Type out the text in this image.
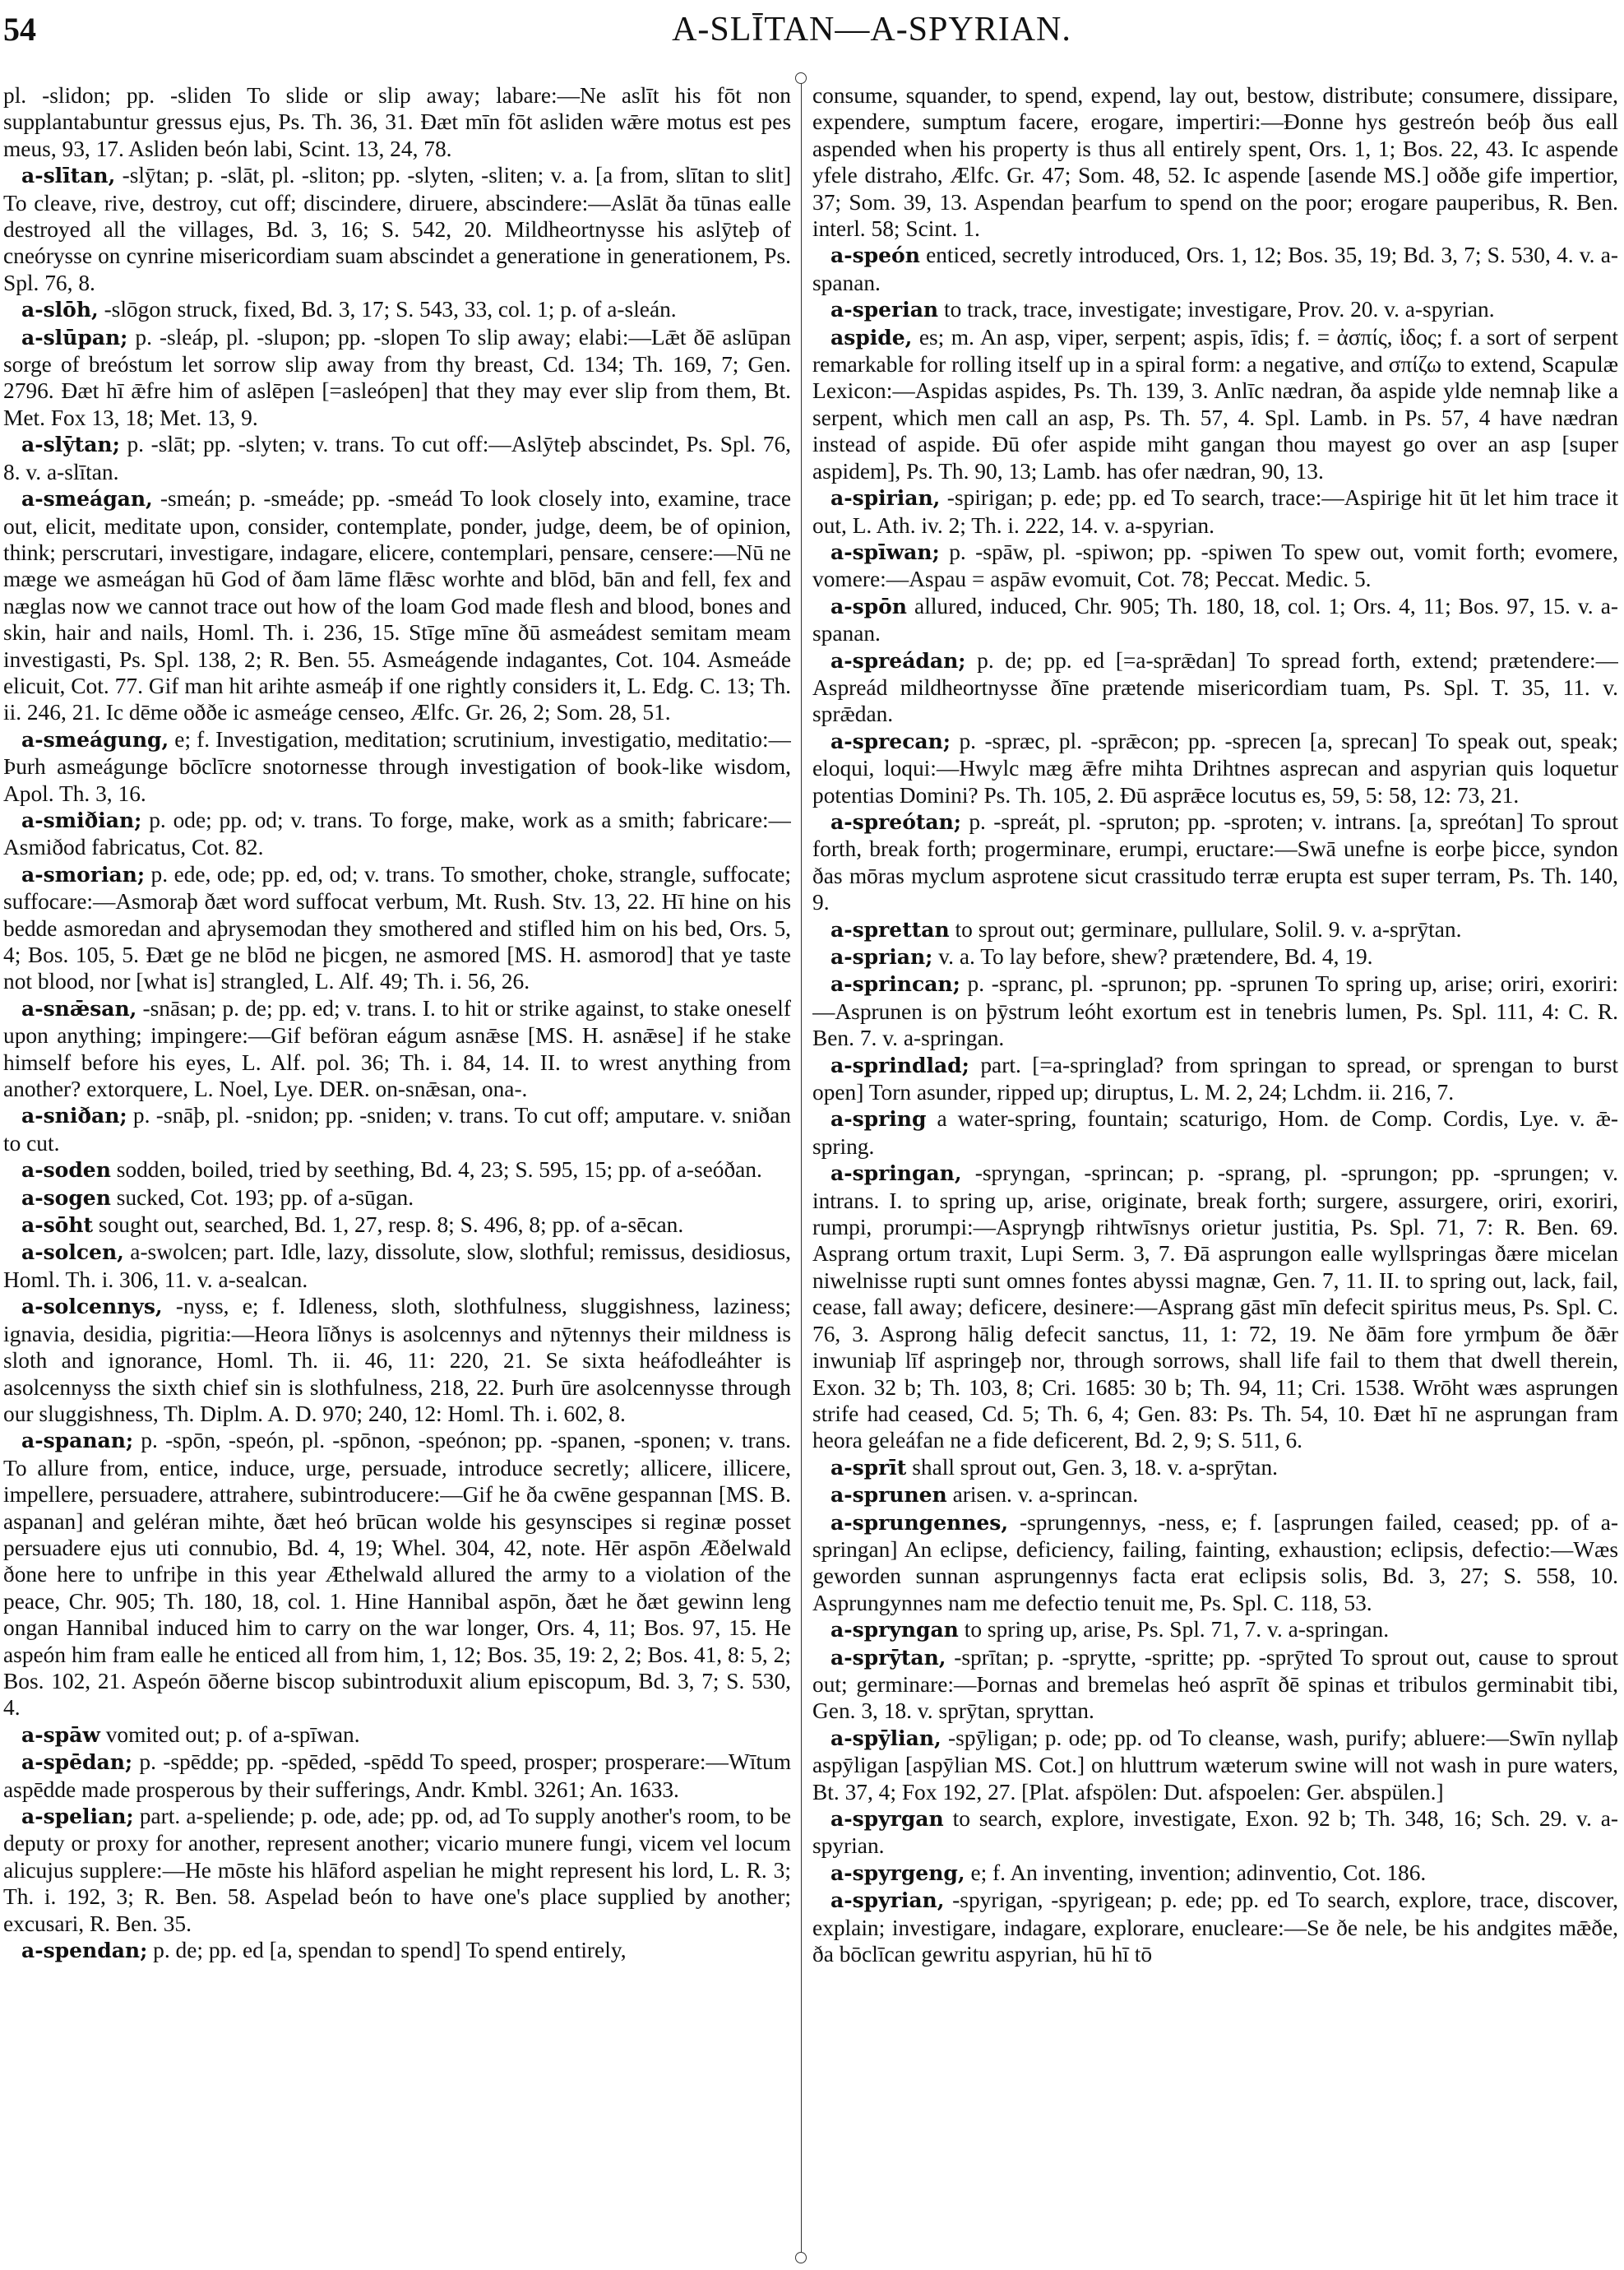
54	A-SLĪTAN—A-SPYRIAN.

pl. -slidon; pp. -sliden To slide or slip away; labare:—Ne aslīt his fōt non supplantabuntur gressus ejus, Ps. Th. 36, 31. Ðæt mīn fōt asliden wǣre motus est pes meus, 93, 17. Asliden beón labi, Scint. 13, 24, 78.

a-slītan, -slȳtan; p. -slāt, pl. -sliton; pp. -slyten, -sliten; v. a. [a from, slītan to slit] To cleave, rive, destroy, cut off; discindere, diruere, abscindere:—Aslāt ða tūnas ealle destroyed all the villages, Bd. 3, 16; S. 542, 20. Mildheortnysse his aslȳteþ of cneórysse on cynrine misericordiam suam abscindet a generatione in generationem, Ps. Spl. 76, 8.

a-slōh, -slōgon struck, fixed, Bd. 3, 17; S. 543, 33, col. 1; p. of a-sleán.

a-slūpan; p. -sleáp, pl. -slupon; pp. -slopen To slip away; elabi:—Lǣt ðē aslūpan sorge of breóstum let sorrow slip away from thy breast, Cd. 134; Th. 169, 7; Gen. 2796. Ðæt hī ǣfre him of aslēpen [=asleópen] that they may ever slip from them, Bt. Met. Fox 13, 18; Met. 13, 9.

a-slȳtan; p. -slāt; pp. -slyten; v. trans. To cut off:—Aslȳteþ abscindet, Ps. Spl. 76, 8. v. a-slītan.

a-smeágan, -smeán; p. -smeáde; pp. -smeád To look closely into, examine, trace out, elicit, meditate upon, consider, contemplate, ponder, judge, deem, be of opinion, think; perscrutari, investigare, indagare, elicere, contemplari, pensare, censere:—Nū ne mæge we asmeágan hū God of ðam lāme flǣsc worhte and blōd, bān and fell, fex and næglas now we cannot trace out how of the loam God made flesh and blood, bones and skin, hair and nails, Homl. Th. i. 236, 15. Stīge mīne ðū asmeádest semitam meam investigasti, Ps. Spl. 138, 2; R. Ben. 55. Asmeágende indagantes, Cot. 104. Asmeáde elicuit, Cot. 77. Gif man hit arihte asmeáþ if one rightly considers it, L. Edg. C. 13; Th. ii. 246, 21. Ic dēme oððe ic asmeáge censeo, Ælfc. Gr. 26, 2; Som. 28, 51.

a-smeágung, e; f. Investigation, meditation; scrutinium, investigatio, meditatio:—Þurh asmeágunge bōclīcre snotornesse through investigation of book-like wisdom, Apol. Th. 3, 16.

a-smiðian; p. ode; pp. od; v. trans. To forge, make, work as a smith; fabricare:—Asmiðod fabricatus, Cot. 82.

a-smorian; p. ede, ode; pp. ed, od; v. trans. To smother, choke, strangle, suffocate; suffocare:—Asmoraþ ðæt word suffocat verbum, Mt. Rush. Stv. 13, 22. Hī hine on his bedde asmoredan and aþrysemodan they smothered and stifled him on his bed, Ors. 5, 4; Bos. 105, 5. Ðæt ge ne blōd ne þicgen, ne asmored [MS. H. asmorod] that ye taste not blood, nor [what is] strangled, L. Alf. 49; Th. i. 56, 26.

a-snǣsan, -snāsan; p. de; pp. ed; v. trans. I. to hit or strike against, to stake oneself upon anything; impingere:—Gif beföran eágum asnǣse [MS. H. asnǣse] if he stake himself before his eyes, L. Alf. pol. 36; Th. i. 84, 14. II. to wrest anything from another? extorquere, L. Noel, Lye. DER. on-snǣsan, ona-.

a-sniðan; p. -snāþ, pl. -snidon; pp. -sniden; v. trans. To cut off; amputare. v. sniðan to cut.

a-soden sodden, boiled, tried by seething, Bd. 4, 23; S. 595, 15; pp. of a-seóðan.

a-sogen sucked, Cot. 193; pp. of a-sūgan.

a-sōht sought out, searched, Bd. 1, 27, resp. 8; S. 496, 8; pp. of a-sēcan.

a-solcen, a-swolcen; part. Idle, lazy, dissolute, slow, slothful; remissus, desidiosus, Homl. Th. i. 306, 11. v. a-sealcan.

a-solcennys, -nyss, e; f. Idleness, sloth, slothfulness, sluggishness, laziness; ignavia, desidia, pigritia:—Heora līðnys is asolcennys and nȳtennys their mildness is sloth and ignorance, Homl. Th. ii. 46, 11: 220, 21. Se sixta heáfodleáhter is asolcennyss the sixth chief sin is slothfulness, 218, 22. Þurh ūre asolcennysse through our sluggishness, Th. Diplm. A. D. 970; 240, 12: Homl. Th. i. 602, 8.

a-spanan; p. -spōn, -speón, pl. -spōnon, -speónon; pp. -spanen, -sponen; v. trans. To allure from, entice, induce, urge, persuade, introduce secretly; allicere, illicere, impellere, persuadere, attrahere, subintroducere:—Gif he ða cwēne gespannan [MS. B. aspanan] and geléran mihte, ðæt heó brūcan wolde his gesynscipes si reginæ posset persuadere ejus uti connubio, Bd. 4, 19; Whel. 304, 42, note. Hēr aspōn Æðelwald ðone here to unfriþe in this year Æthelwald allured the army to a violation of the peace, Chr. 905; Th. 180, 18, col. 1. Hine Hannibal aspōn, ðæt he ðæt gewinn leng ongan Hannibal induced him to carry on the war longer, Ors. 4, 11; Bos. 97, 15. He aspeón him fram ealle he enticed all from him, 1, 12; Bos. 35, 19: 2, 2; Bos. 41, 8: 5, 2; Bos. 102, 21. Aspeón ōðerne biscop subintroduxit alium episcopum, Bd. 3, 7; S. 530, 4.

a-spāw vomited out; p. of a-spīwan.

a-spēdan; p. -spēdde; pp. -spēded, -spēdd To speed, prosper; prosperare:—Wītum aspēdde made prosperous by their sufferings, Andr. Kmbl. 3261; An. 1633.

a-spelian; part. a-speliende; p. ode, ade; pp. od, ad To supply another's room, to be deputy or proxy for another, represent another; vicario munere fungi, vicem vel locum alicujus supplere:—He mōste his hlāford aspelian he might represent his lord, L. R. 3; Th. i. 192, 3; R. Ben. 58. Aspelad beón to have one's place supplied by another; excusari, R. Ben. 35.

a-spendan; p. de; pp. ed [a, spendan to spend] To spend entirely,

consume, squander, to spend, expend, lay out, bestow, distribute; consumere, dissipare, expendere, sumptum facere, erogare, impertiri:—Ðonne hys gestreón beóþ ðus eall aspended when his property is thus all entirely spent, Ors. 1, 1; Bos. 22, 43. Ic aspende yfele distraho, Ælfc. Gr. 47; Som. 48, 52. Ic aspende [asende MS.] oððe gife impertior, 37; Som. 39, 13. Aspendan þearfum to spend on the poor; erogare pauperibus, R. Ben. interl. 58; Scint. 1.

a-speón enticed, secretly introduced, Ors. 1, 12; Bos. 35, 19; Bd. 3, 7; S. 530, 4. v. a-spanan.

a-sperian to track, trace, investigate; investigare, Prov. 20. v. a-spyrian.

aspide, es; m. An asp, viper, serpent; aspis, īdis; f. = ἀσπίς, ἰδος; f. a sort of serpent remarkable for rolling itself up in a spiral form: a negative, and σπίζω to extend, Scapulæ Lexicon:—Aspidas aspides, Ps. Th. 139, 3. Anlīc nædran, ða aspide ylde nemnaþ like a serpent, which men call an asp, Ps. Th. 57, 4. Spl. Lamb. in Ps. 57, 4 have nædran instead of aspide. Ðū ofer aspide miht gangan thou mayest go over an asp [super aspidem], Ps. Th. 90, 13; Lamb. has ofer nædran, 90, 13.

a-spirian, -spirigan; p. ede; pp. ed To search, trace:—Aspirige hit ūt let him trace it out, L. Ath. iv. 2; Th. i. 222, 14. v. a-spyrian.

a-spīwan; p. -spāw, pl. -spiwon; pp. -spiwen To spew out, vomit forth; evomere, vomere:—Aspau = aspāw evomuit, Cot. 78; Peccat. Medic. 5.

a-spōn allured, induced, Chr. 905; Th. 180, 18, col. 1; Ors. 4, 11; Bos. 97, 15. v. a-spanan.

a-spreádan; p. de; pp. ed [=a-sprǣdan] To spread forth, extend; prætendere:—Aspreád mildheortnysse ðīne prætende misericordiam tuam, Ps. Spl. T. 35, 11. v. sprǣdan.

a-sprecan; p. -spræc, pl. -sprǣcon; pp. -sprecen [a, sprecan] To speak out, speak; eloqui, loqui:—Hwylc mæg ǣfre mihta Drihtnes asprecan and aspyrian quis loquetur potentias Domini? Ps. Th. 105, 2. Ðū asprǣce locutus es, 59, 5: 58, 12: 73, 21.

a-spreótan; p. -spreát, pl. -spruton; pp. -sproten; v. intrans. [a, spreótan] To sprout forth, break forth; progerminare, erumpi, eructare:—Swā unefne is eorþe þicce, syndon ðas mōras myclum asprotene sicut crassitudo terræ erupta est super terram, Ps. Th. 140, 9.

a-sprettan to sprout out; germinare, pullulare, Solil. 9. v. a-sprȳtan.

a-sprian; v. a. To lay before, shew? prætendere, Bd. 4, 19.

a-sprincan; p. -spranc, pl. -sprunon; pp. -sprunen To spring up, arise; oriri, exoriri:—Asprunen is on þȳstrum leóht exortum est in tenebris lumen, Ps. Spl. 111, 4: C. R. Ben. 7. v. a-springan.

a-sprindlad; part. [=a-springlad? from springan to spread, or sprengan to burst open] Torn asunder, ripped up; diruptus, L. M. 2, 24; Lchdm. ii. 216, 7.

a-spring a water-spring, fountain; scaturigo, Hom. de Comp. Cordis, Lye. v. ǣ-spring.

a-springan, -spryngan, -sprincan; p. -sprang, pl. -sprungon; pp. -sprungen; v. intrans. I. to spring up, arise, originate, break forth; surgere, assurgere, oriri, exoriri, rumpi, prorumpi:—Aspryngþ rihtwīsnys orietur justitia, Ps. Spl. 71, 7: R. Ben. 69. Asprang ortum traxit, Lupi Serm. 3, 7. Ðā asprungon ealle wyllspringas ðære micelan niwelnisse rupti sunt omnes fontes abyssi magnæ, Gen. 7, 11. II. to spring out, lack, fail, cease, fall away; deficere, desinere:—Asprang gāst mīn defecit spiritus meus, Ps. Spl. C. 76, 3. Asprong hālig defecit sanctus, 11, 1: 72, 19. Ne ðām fore yrmþum ðe ðǣr inwuniaþ līf aspringeþ nor, through sorrows, shall life fail to them that dwell therein, Exon. 32 b; Th. 103, 8; Cri. 1685: 30 b; Th. 94, 11; Cri. 1538. Wrōht wæs asprungen strife had ceased, Cd. 5; Th. 6, 4; Gen. 83: Ps. Th. 54, 10. Ðæt hī ne asprungan fram heora geleáfan ne a fide deficerent, Bd. 2, 9; S. 511, 6.

a-sprīt shall sprout out, Gen. 3, 18. v. a-sprȳtan.

a-sprunen arisen. v. a-sprincan.

a-sprungennes, -sprungennys, -ness, e; f. [asprungen failed, ceased; pp. of a-springan] An eclipse, deficiency, failing, fainting, exhaustion; eclipsis, defectio:—Wæs geworden sunnan asprungennys facta erat eclipsis solis, Bd. 3, 27; S. 558, 10. Asprungynnes nam me defectio tenuit me, Ps. Spl. C. 118, 53.

a-spryngan to spring up, arise, Ps. Spl. 71, 7. v. a-springan.

a-sprȳtan, -sprītan; p. -sprytte, -spritte; pp. -sprȳted To sprout out, cause to sprout out; germinare:—Þornas and bremelas heó asprīt ðē spinas et tribulos germinabit tibi, Gen. 3, 18. v. sprȳtan, spryttan.

a-spȳlian, -spȳligan; p. ode; pp. od To cleanse, wash, purify; abluere:—Swīn nyllaþ aspȳligan [aspȳlian MS. Cot.] on hluttrum wæterum swine will not wash in pure waters, Bt. 37, 4; Fox 192, 27. [Plat. afspölen: Dut. afspoelen: Ger. abspülen.]

a-spyrgan to search, explore, investigate, Exon. 92 b; Th. 348, 16; Sch. 29. v. a-spyrian.

a-spyrgeng, e; f. An inventing, invention; adinventio, Cot. 186.

a-spyrian, -spyrigan, -spyrigean; p. ede; pp. ed To search, explore, trace, discover, explain; investigare, indagare, explorare, enucleare:—Se ðe nele, be his andgites mǣðe, ða bōclīcan gewritu aspyrian, hū hī tō
